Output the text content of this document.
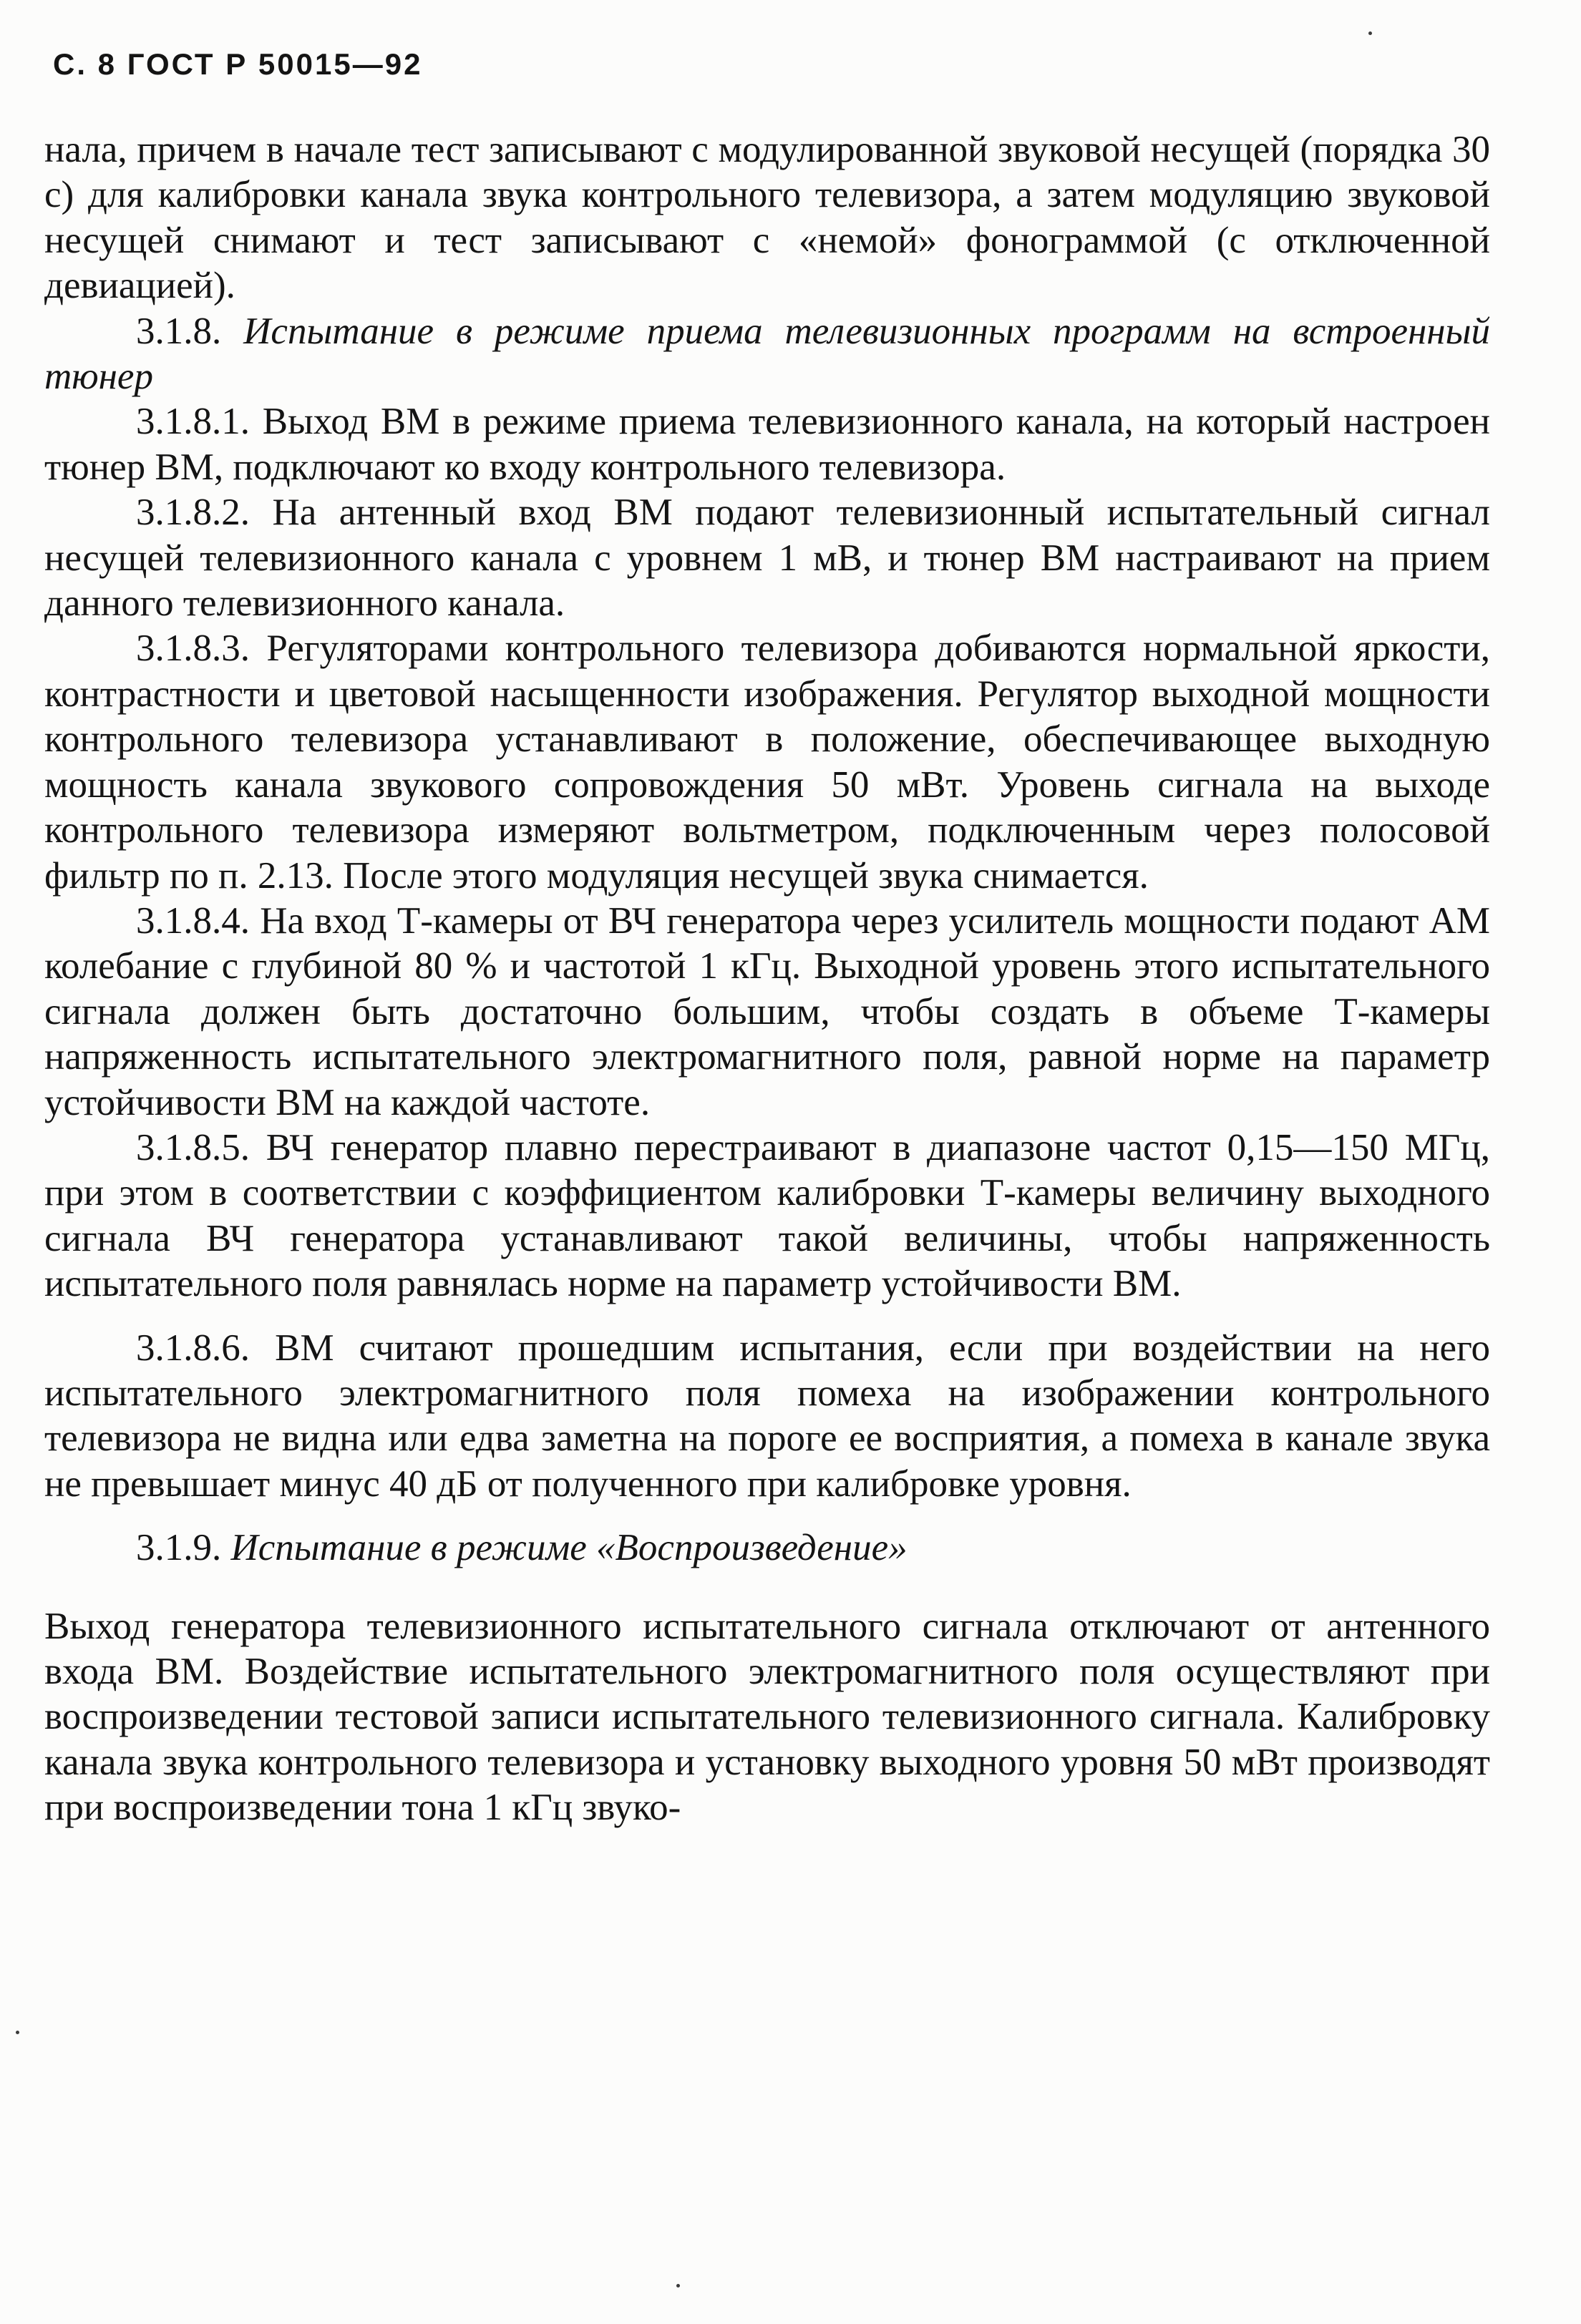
С. 8 ГОСТ Р 50015—92

нала, причем в начале тест записывают с модулированной звуковой несущей (порядка 30 с) для калибровки канала звука контрольного телевизора, а затем модуляцию звуковой несущей снимают и тест записывают с «немой» фонограммой (с отключенной девиацией).

3.1.8. Испытание в режиме приема телевизионных программ на встроенный тюнер

3.1.8.1. Выход ВМ в режиме приема телевизионного канала, на который настроен тюнер ВМ, подключают ко входу контрольного телевизора.

3.1.8.2. На антенный вход ВМ подают телевизионный испытательный сигнал несущей телевизионного канала с уровнем 1 мВ, и тюнер ВМ настраивают на прием данного телевизионного канала.

3.1.8.3. Регуляторами контрольного телевизора добиваются нормальной яркости, контрастности и цветовой насыщенности изображения. Регулятор выходной мощности контрольного телевизора устанавливают в положение, обеспечивающее выходную мощность канала звукового сопровождения 50 мВт. Уровень сигнала на выходе контрольного телевизора измеряют вольтметром, подключенным через полосовой фильтр по п. 2.13. После этого модуляция несущей звука снимается.

3.1.8.4. На вход Т-камеры от ВЧ генератора через усилитель мощности подают АМ колебание с глубиной 80 % и частотой 1 кГц. Выходной уровень этого испытательного сигнала должен быть достаточно большим, чтобы создать в объеме Т-камеры напряженность испытательного электромагнитного поля, равной норме на параметр устойчивости ВМ на каждой частоте.

3.1.8.5. ВЧ генератор плавно перестраивают в диапазоне частот 0,15—150 МГц, при этом в соответствии с коэффициентом калибровки Т-камеры величину выходного сигнала ВЧ генератора устанавливают такой величины, чтобы напряженность испытательного поля равнялась норме на параметр устойчивости ВМ.

3.1.8.6. ВМ считают прошедшим испытания, если при воздействии на него испытательного электромагнитного поля помеха на изображении контрольного телевизора не видна или едва заметна на пороге ее восприятия, а помеха в канале звука не превышает минус 40 дБ от полученного при калибровке уровня.

3.1.9. Испытание в режиме «Воспроизведение»

Выход генератора телевизионного испытательного сигнала отключают от антенного входа ВМ. Воздействие испытательного электромагнитного поля осуществляют при воспроизведении тестовой записи испытательного телевизионного сигнала. Калибровку канала звука контрольного телевизора и установку выходного уровня 50 мВт производят при воспроизведении тона 1 кГц звуко-
